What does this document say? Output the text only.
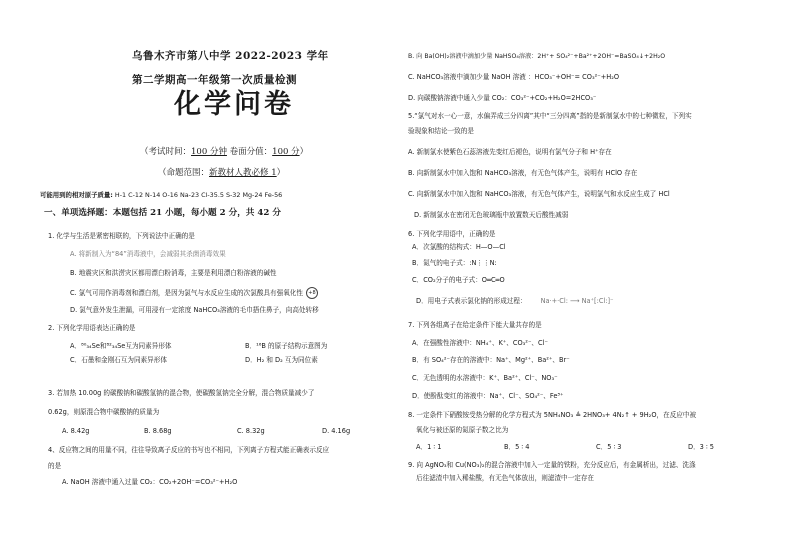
乌鲁木齐市第八中学 2022-2023 学年
第二学期高一年级第一次质量检测
化学问卷
（考试时间：100 分钟 卷面分值：100 分）
（命题范围：新教材人教必修 1）
可能用到的相对原子质量: H-1 C-12 N-14 O-16 Na-23 Cl-35.5 S-32 Mg-24 Fe-56
一、单项选择题：本题包括 21 小题，每小题 2 分，共 42 分
1. 化学与生活是紧密相联的，下列说法中正确的是
A. 将新制入为“84”消毒液中，会减弱其杀菌消毒效果
B. 地震灾区和洪涝灾区都用漂白粉消毒，主要是利用漂白粉溶液的碱性
C. 氯气可用作消毒剂和漂白剂，是因为氯气与水反应生成的次氯酸具有强氧化性 +8
D. 氯气意外发生泄漏，可用浸有一定浓度 NaHCO₃溶液的毛巾捂住鼻子，向高处转移
2. 下列化学用语表达正确的是
A．⁸⁰₃₄Se和⁸²₃₄Se互为同素异形体	B．¹⁶B 的原子结构示意图为
C．石墨和金刚石互为同素异形体	D．H₂ 和 D₂ 互为同位素
3. 若加热 10.00g 的碳酸钠和碳酸氢钠的混合物，使碳酸氢钠完全分解，混合物质量减少了
0.62g，则原混合物中碳酸钠的质量为
A. 8.42g	B. 8.68g	C. 8.32g	D. 4.16g
4、反应物之间的用量不同，往往导致离子反应的书写也不相同，下列离子方程式能正确表示反应
的是
A. NaOH 溶液中通入过量 CO₂：CO₂+2OH⁻=CO₃²⁻+H₂O
B. 向 Ba(OH)₂溶液中滴加少量 NaHSO₄溶液：2H⁺+ SO₄²⁻+Ba²⁺+2OH⁻=BaSO₄↓+2H₂O
C. NaHCO₃溶液中滴加少量 NaOH 溶液 ：HCO₃⁻+OH⁻= CO₃²⁻+H₂O
D. 向碳酸钠溶液中通入少量 CO₂：CO₃²⁻+CO₂+H₂O=2HCO₃⁻
5.“氯气对水一心一意，水偏弄成三分四离”其中“三分四离”指的是新制氯水中的七种微粒，下列实
验现象和结论一致的是
A. 新制氯水使紫色石蕊溶液先变红后褪色，说明有氯气分子和 H⁺存在
B. 向新制氯水中加入饱和 NaHCO₃溶液，有无色气体产生，说明有 HClO 存在
C. 向新制氯水中加入饱和 NaHCO₃溶液，有无色气体产生，说明氯气和水反应生成了 HCl
D. 新制氯水在密闭无色玻璃瓶中放置数天后酸性减弱
6. 下列化学用语中，正确的是
A．次氯酸的结构式：H—O—Cl
B．氮气的电子式：:N⋮⋮N:
C．CO₂分子的电子式：O═C═O
D．用电子式表示氯化钠的形成过程： Na·+·Cl: ⟶ Na⁺[:Cl:]⁻
7. 下列各组离子在给定条件下能大量共存的是
A．在强酸性溶液中：NH₄⁺、K⁺、CO₃²⁻、Cl⁻
B．有 SO₄²⁻存在的溶液中：Na⁺、Mg²⁺、Ba²⁺、Br⁻
C．无色透明的水溶液中：K⁺、Ba²⁺、Cl⁻、NO₃⁻
D．使酚酞变红的溶液中：Na⁺、Cl⁻、SO₄²⁻、Fe³⁺
8. 一定条件下硝酸铵受热分解的化学方程式为 5NH₄NO₃ ≜ 2HNO₃+ 4N₂↑ + 9H₂O，在反应中被
氧化与被还原的氮原子数之比为
A．1 ∶ 1	B．5 ∶ 4	C．5 ∶ 3	D．3 ∶ 5
9. 向 AgNO₃和 Cu(NO₃)₂的混合溶液中加入一定量的铁粉，充分反应后，有金属析出，过滤、洗涤
后往滤渣中加入稀盐酸，有无色气体放出，则滤渣中一定存在
